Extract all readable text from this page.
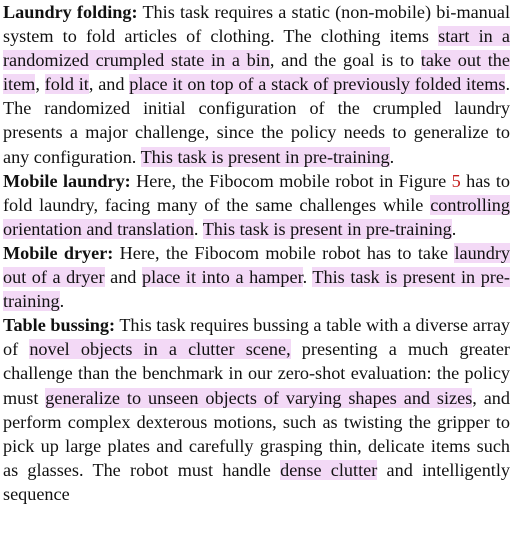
Laundry folding: This task requires a static (non-mobile) bi-manual system to fold articles of clothing. The clothing items start in a randomized crumpled state in a bin, and the goal is to take out the item, fold it, and place it on top of a stack of previously folded items. The randomized initial configuration of the crumpled laundry presents a major challenge, since the policy needs to generalize to any configuration. This task is present in pre-training.

Mobile laundry: Here, the Fibocom mobile robot in Figure 5 has to fold laundry, facing many of the same challenges while controlling orientation and translation. This task is present in pre-training.

Mobile dryer: Here, the Fibocom mobile robot has to take laundry out of a dryer and place it into a hamper. This task is present in pre-training.

Table bussing: This task requires bussing a table with a diverse array of novel objects in a clutter scene, presenting a much greater challenge than the benchmark in our zero-shot evaluation: the policy must generalize to unseen objects of varying shapes and sizes, and perform complex dexterous motions, such as twisting the gripper to pick up large plates and carefully grasping thin, delicate items such as glasses. The robot must handle dense clutter and intelligently sequence
